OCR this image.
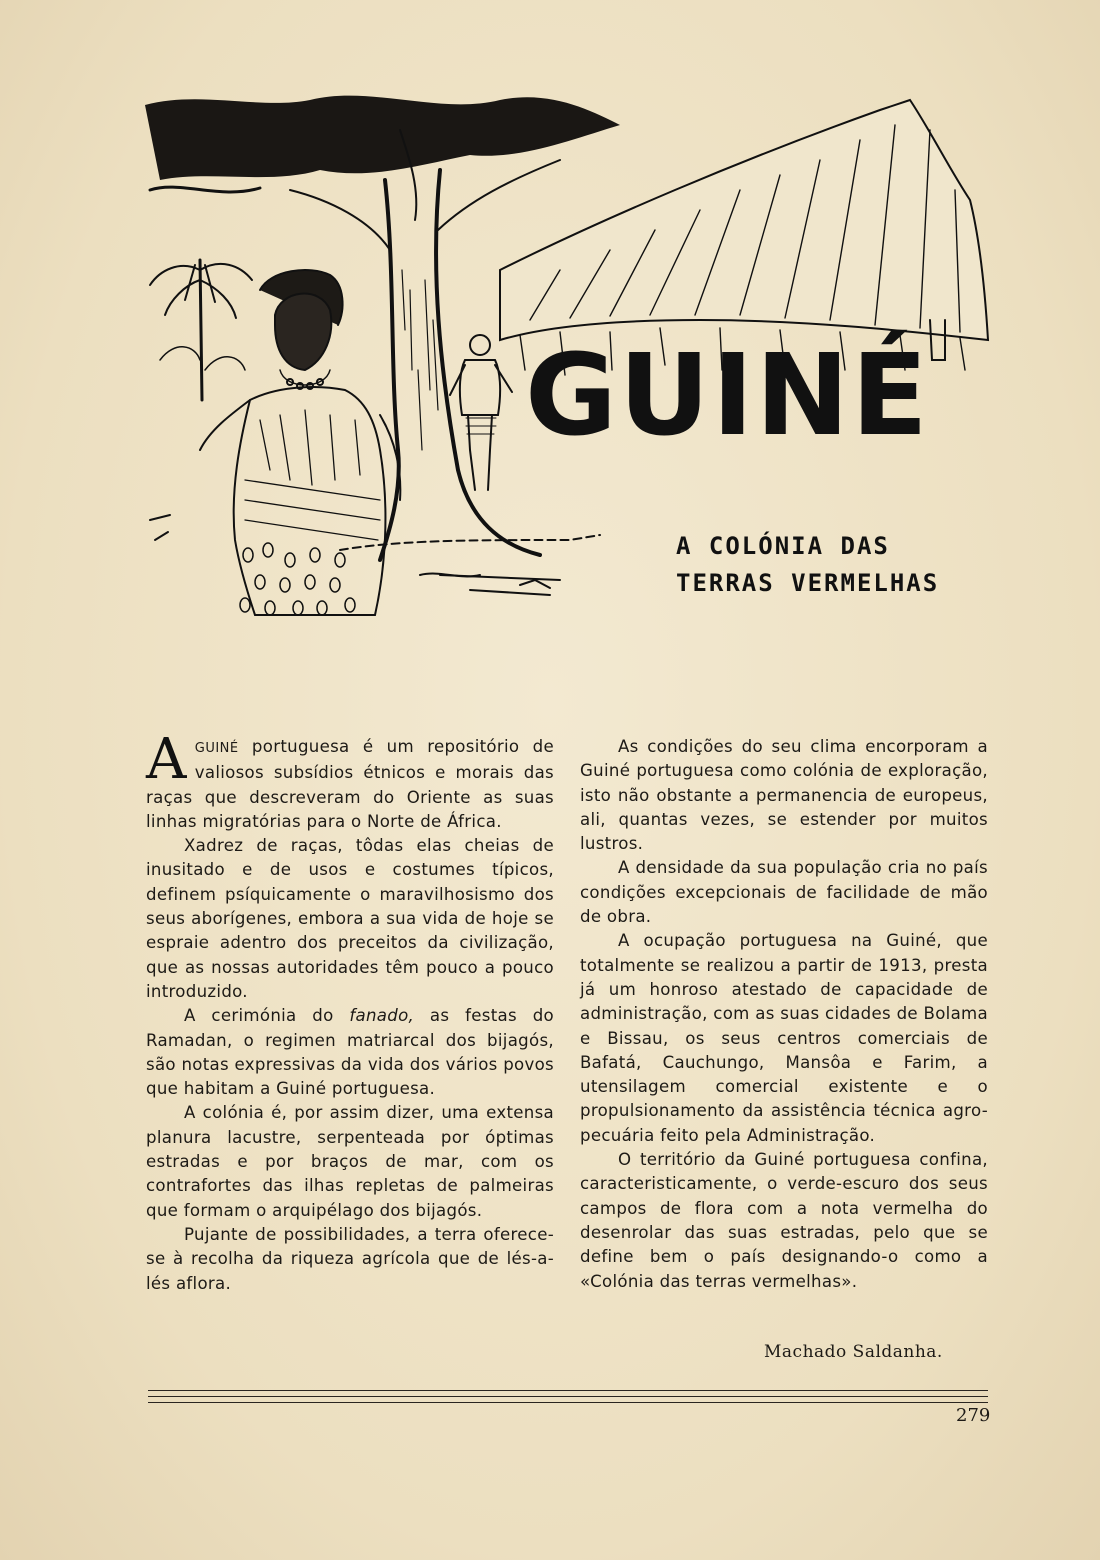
GUINÉ
A COLÓNIA DAS
TERRAS VERMELHAS

AGUINÉ portuguesa é um repositório de valiosos subsídios étnicos e morais das raças que descreveram do Oriente as suas linhas migratórias para o Norte de África.

Xadrez de raças, tôdas elas cheias de inusitado e de usos e costumes típicos, definem psíquicamente o maravilhosismo dos seus aborígenes, embora a sua vida de hoje se espraie adentro dos preceitos da civilização, que as nossas autoridades têm pouco a pouco introduzido.

A cerimónia do fanado, as festas do Ramadan, o regimen matriarcal dos bijagós, são notas expressivas da vida dos vários povos que habitam a Guiné portuguesa.

A colónia é, por assim dizer, uma extensa planura lacustre, serpenteada por óptimas estradas e por braços de mar, com os contrafortes das ilhas repletas de palmeiras que formam o arquipélago dos bijagós.

Pujante de possibilidades, a terra oferece-se à recolha da riqueza agrícola que de lés-a-lés aflora.

As condições do seu clima encorporam a Guiné portuguesa como colónia de exploração, isto não obstante a permanencia de europeus, ali, quantas vezes, se estender por muitos lustros.

A densidade da sua população cria no país condições excepcionais de facilidade de mão de obra.

A ocupação portuguesa na Guiné, que totalmente se realizou a partir de 1913, presta já um honroso atestado de capacidade de administração, com as suas cidades de Bolama e Bissau, os seus centros comerciais de Bafatá, Cauchungo, Mansôa e Farim, a utensilagem comercial existente e o propulsionamento da assistência técnica agro-pecuária feito pela Administração.

O território da Guiné portuguesa confina, caracteristicamente, o verde-escuro dos seus campos de flora com a nota vermelha do desenrolar das suas estradas, pelo que se define bem o país designando-o como a «Colónia das terras vermelhas».

Machado Saldanha.
279
